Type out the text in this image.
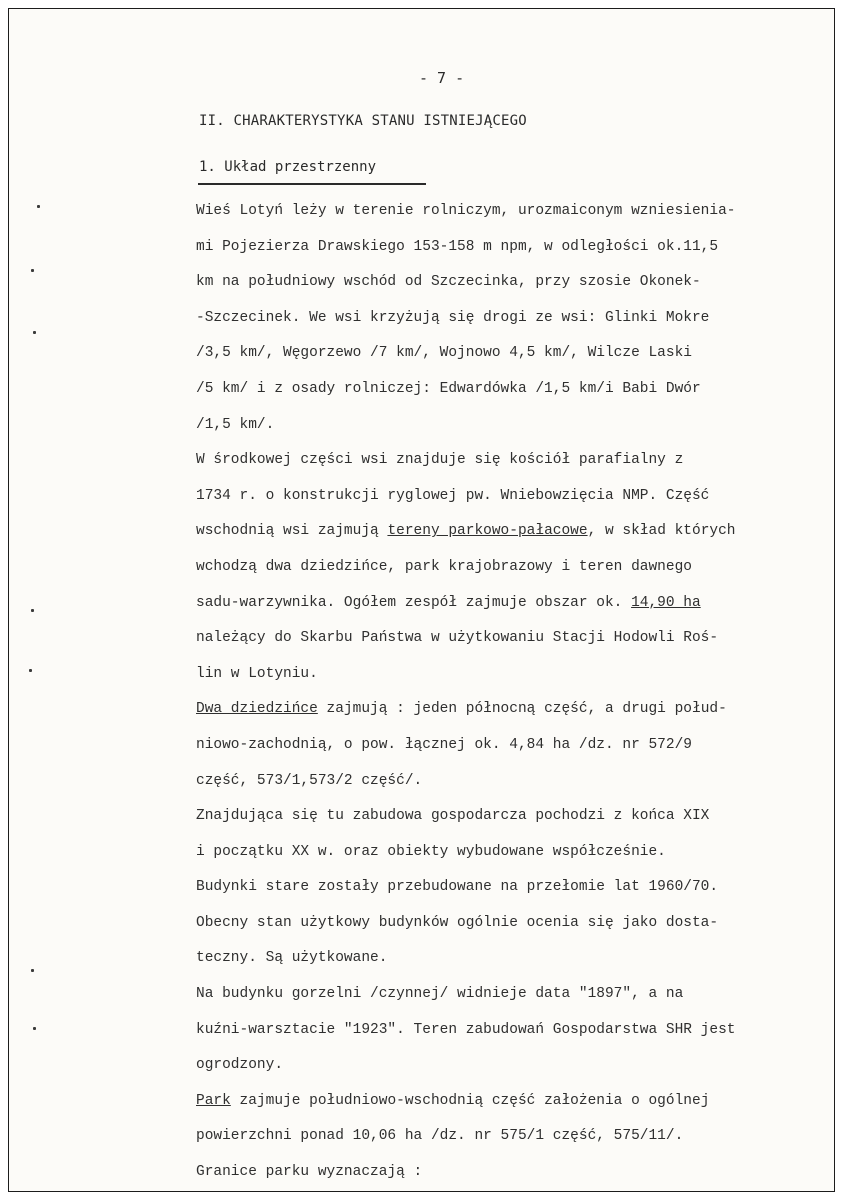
- 7 -
II. CHARAKTERYSTYKA STANU ISTNIEJĄCEGO
1. Układ przestrzenny
Wieś Lotyń leży w terenie rolniczym, urozmaiconym wzniesienia-
mi Pojezierza Drawskiego 153-158 m npm, w odległości ok.11,5
km na południowy wschód od Szczecinka, przy szosie Okonek-
-Szczecinek. We wsi krzyżują się drogi ze wsi: Glinki Mokre
/3,5 km/, Węgorzewo /7 km/, Wojnowo 4,5 km/, Wilcze Laski
/5 km/ i z osady rolniczej: Edwardówka /1,5 km/i Babi Dwór
/1,5 km/.
W środkowej części wsi znajduje się kościół parafialny z
1734 r. o konstrukcji ryglowej pw. Wniebowzięcia NMP. Część
wschodnią wsi zajmują tereny parkowo-pałacowe, w skład których
wchodzą dwa dziedzińce, park krajobrazowy i teren dawnego
sadu-warzywnika. Ogółem zespół zajmuje obszar ok. 14,90 ha
należący do Skarbu Państwa w użytkowaniu Stacji Hodowli Roś-
lin w Lotyniu.
Dwa dziedzińce zajmują : jeden północną część, a drugi połud-
niowo-zachodnią, o pow. łącznej ok. 4,84 ha /dz. nr 572/9
część, 573/1,573/2 część/.
Znajdująca się tu zabudowa gospodarcza pochodzi z końca XIX
i początku XX w. oraz obiekty wybudowane współcześnie.
Budynki stare zostały przebudowane na przełomie lat 1960/70.
Obecny stan użytkowy budynków ogólnie ocenia się jako dosta-
teczny. Są użytkowane.
Na budynku gorzelni /czynnej/ widnieje data "1897", a na
kuźni-warsztacie "1923". Teren zabudowań Gospodarstwa SHR jest
ogrodzony.
Park zajmuje południowo-wschodnią część założenia o ogólnej
powierzchni ponad 10,06 ha /dz. nr 575/1 część, 575/11/.
Granice parku wyznaczają :
